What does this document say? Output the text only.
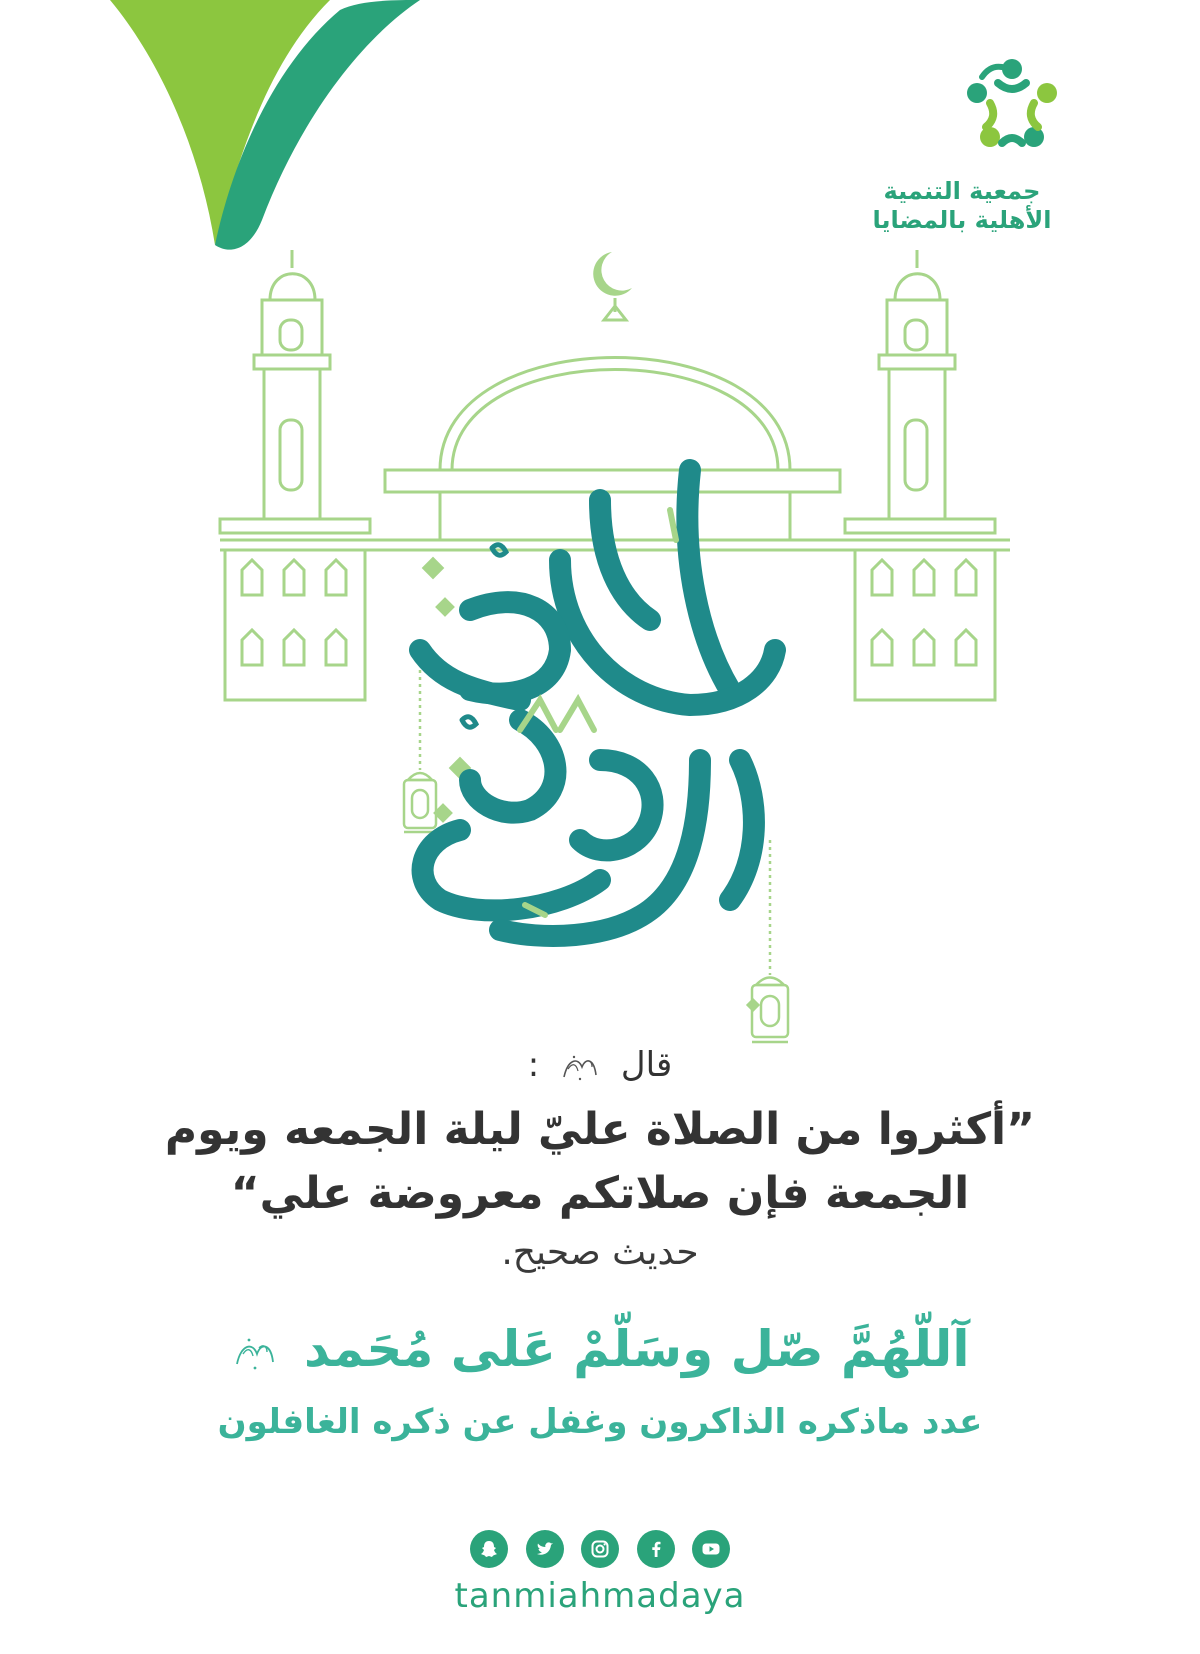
جمعية التنمية
الأهلية بالمضايا
قال  :
”أكثروا من الصلاة عليّ ليلة الجمعه ويوم
الجمعة فإن صلاتكم معروضة علي“
حديث صحيح.
آللّهُمَّ صّل وسَلّمْ عَلى مُحَمد
عدد ماذكره الذاكرون وغفل عن ذكره الغافلون
tanmiahmadaya
